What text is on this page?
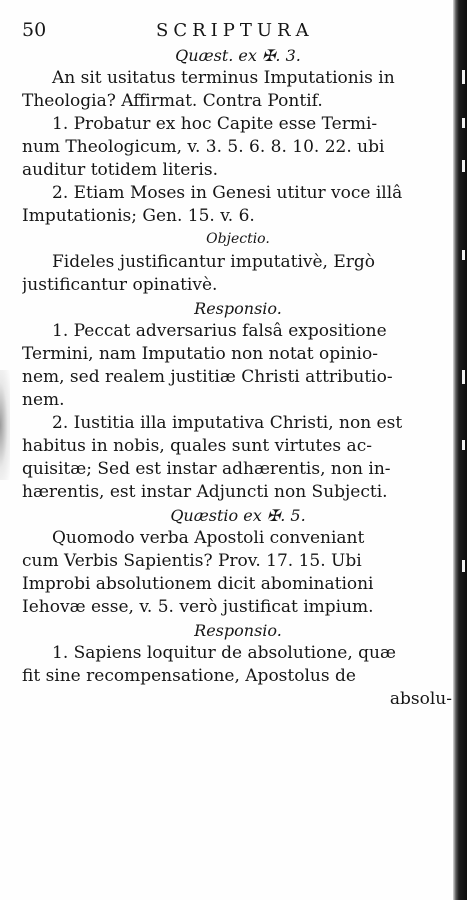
50	SCRIPTURA
Quæst. ex ✠. 3.
An sit usitatus terminus Imputationis in
Theologia? Affirmat. Contra Pontif.
1. Probatur ex hoc Capite esse Termi-
num Theologicum, v. 3. 5. 6. 8. 10. 22. ubi
auditur totidem literis.
2. Etiam Moses in Genesi utitur voce illâ
Imputationis; Gen. 15. v. 6.
Objectio.
Fideles justificantur imputativè, Ergò
justificantur opinativè.
Responsio.
1. Peccat adversarius falsâ expositione
Termini, nam Imputatio non notat opinio-
nem, sed realem justitiæ Christi attributio-
nem.
2. Iustitia illa imputativa Christi, non est
habitus in nobis, quales sunt virtutes ac-
quisitæ; Sed est instar adhærentis, non in-
hærentis, est instar Adjuncti non Subjecti.
Quæstio ex ✠. 5.
Quomodo verba Apostoli conveniant
cum Verbis Sapientis? Prov. 17. 15. Ubi
Improbi absolutionem dicit abominationi
Iehovæ esse, v. 5. verò justificat impium.
Responsio.
1. Sapiens loquitur de absolutione, quæ
fit sine recompensatione, Apostolus de
absolu-
